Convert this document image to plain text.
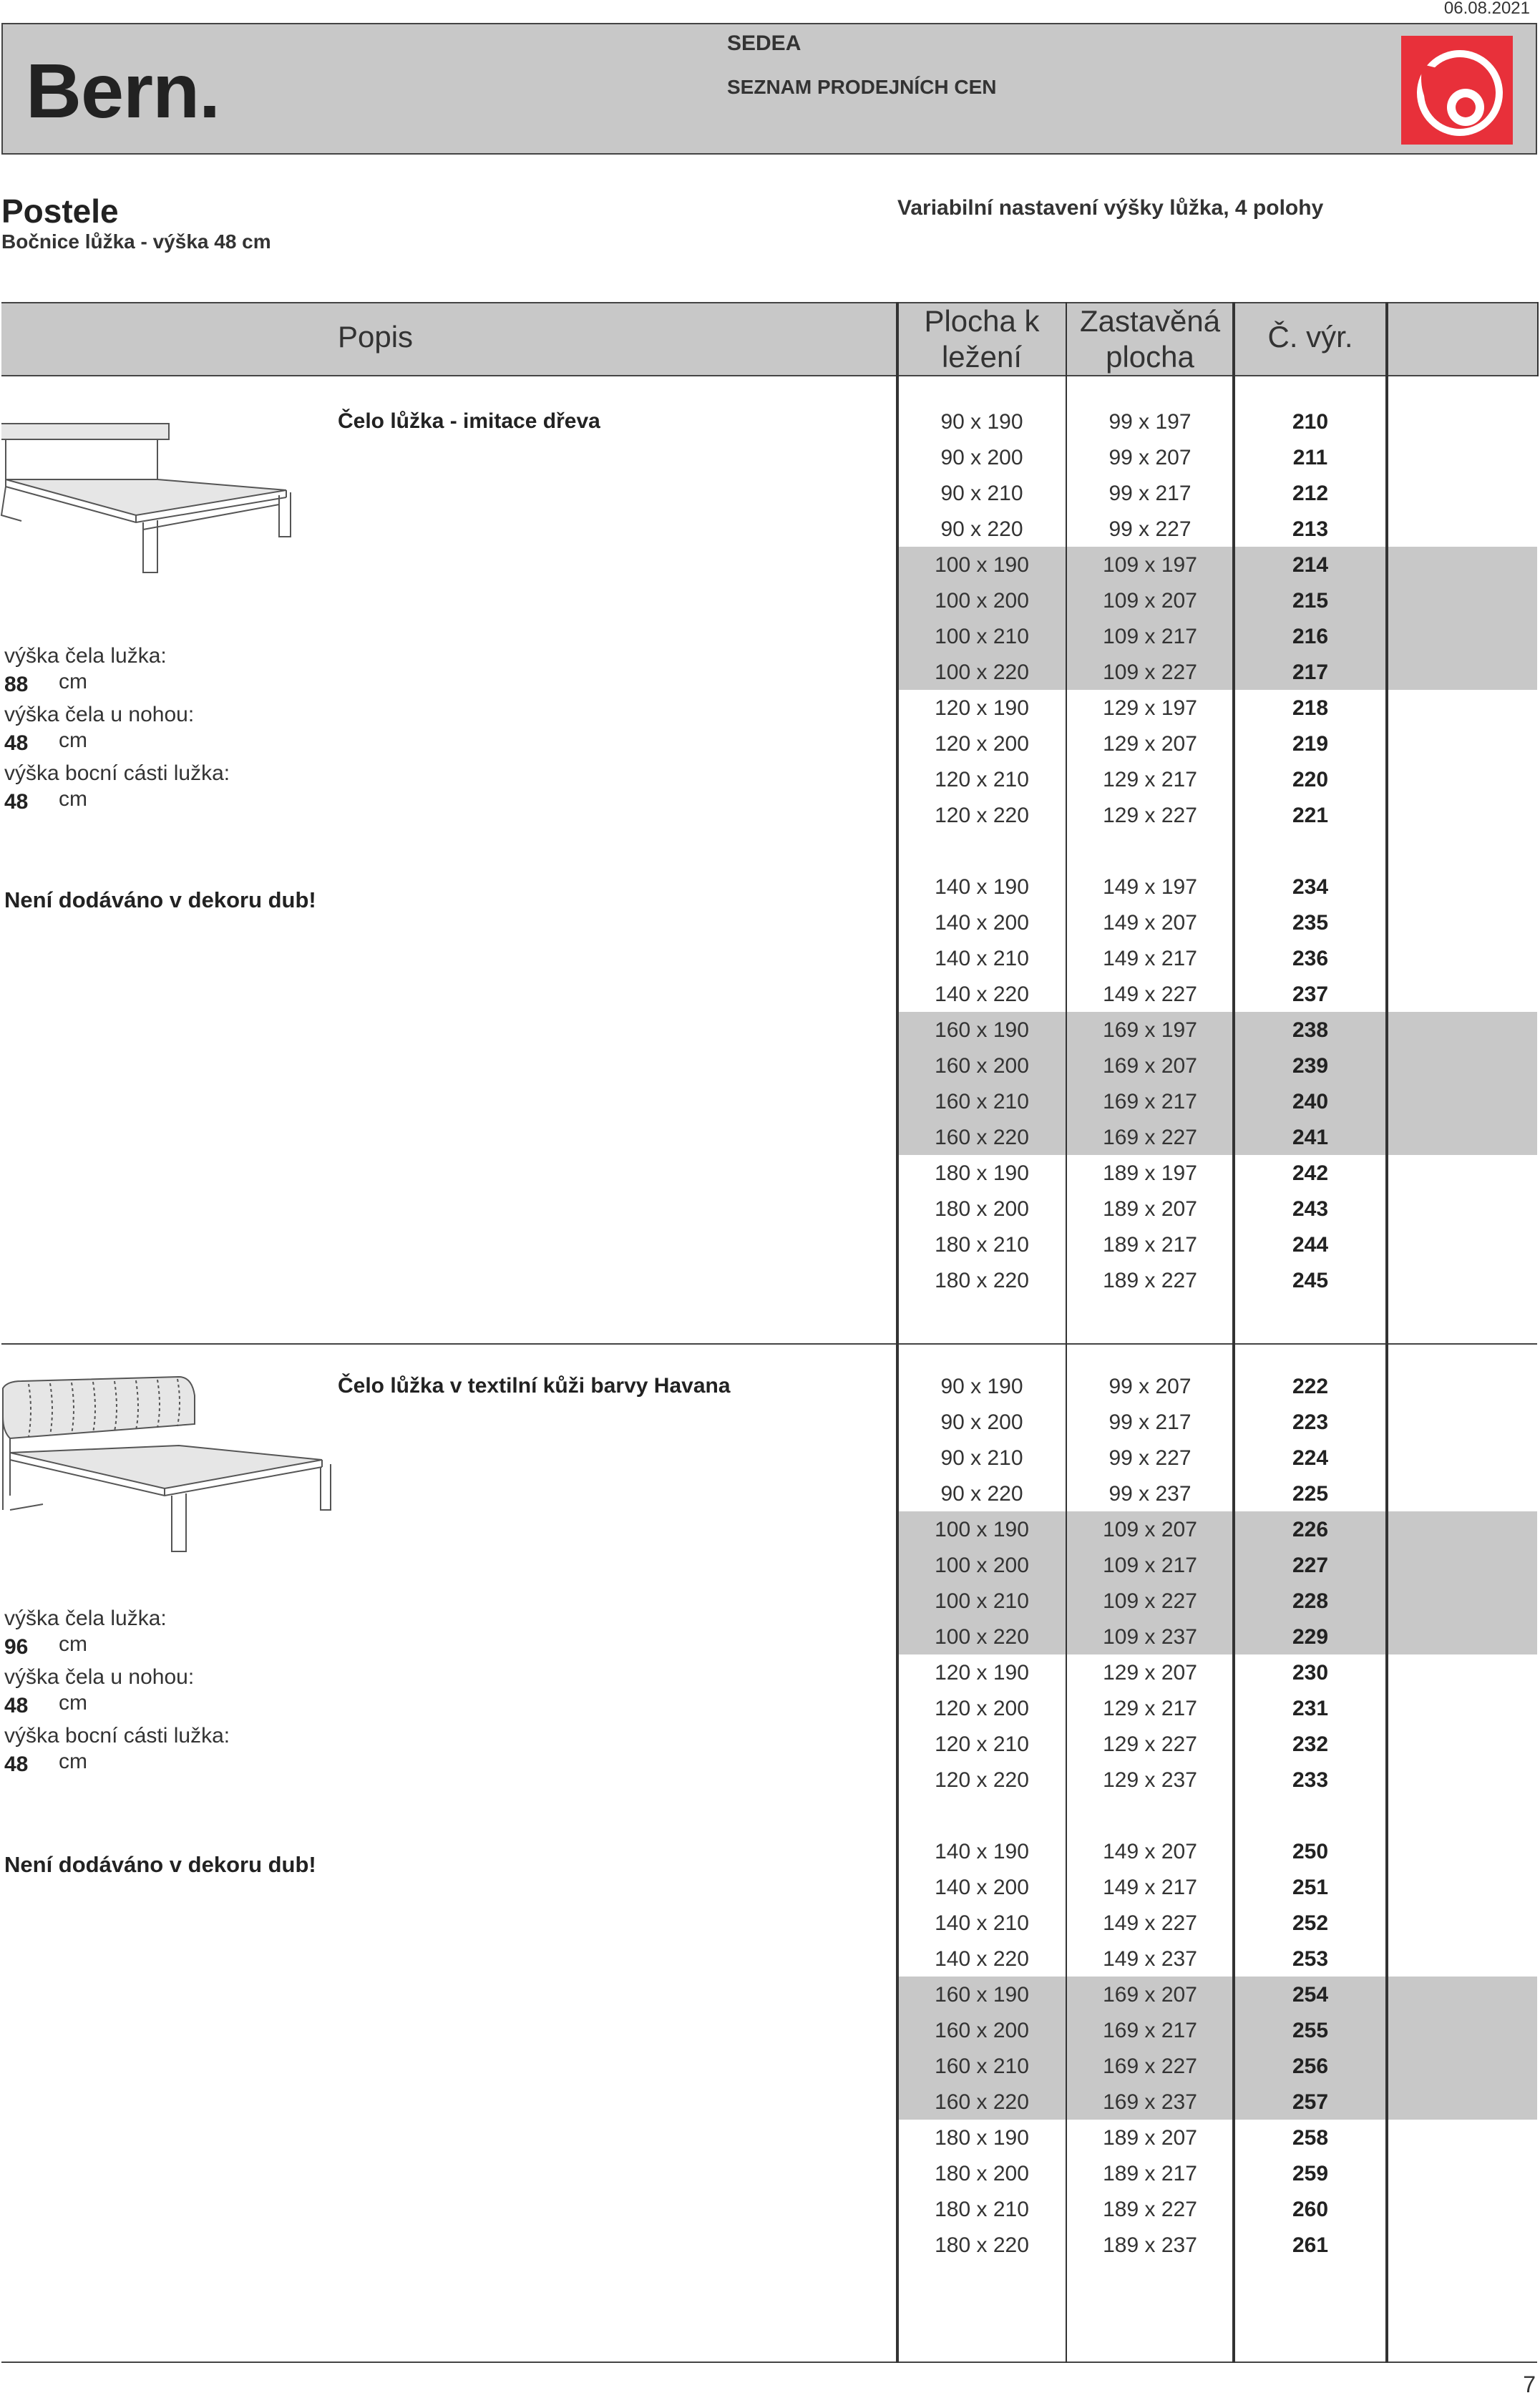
06.08.2021
Bern.
SEDEA
SEZNAM PRODEJNÍCH CEN
Postele
Bočnice lůžka - výška 48 cm
Variabilní nastavení výšky lůžka, 4 polohy
Popis	Plocha k
ležení
Zastavěná
plocha
Č. výr.
Čelo lůžka - imitace dřeva
výška čela lužka:
88 cm
výška čela u nohou:
48 cm
výška bocní cásti lužka:
48 cm
Není dodáváno v dekoru dub!
90 x 190	99 x 197	210
90 x 200	99 x 207	211
90 x 210	99 x 217	212
90 x 220	99 x 227	213
100 x 190	109 x 197	214
100 x 200	109 x 207	215
100 x 210	109 x 217	216
100 x 220	109 x 227	217
120 x 190	129 x 197	218
120 x 200	129 x 207	219
120 x 210	129 x 217	220
120 x 220	129 x 227	221
140 x 190	149 x 197	234
140 x 200	149 x 207	235
140 x 210	149 x 217	236
140 x 220	149 x 227	237
160 x 190	169 x 197	238
160 x 200	169 x 207	239
160 x 210	169 x 217	240
160 x 220	169 x 227	241
180 x 190	189 x 197	242
180 x 200	189 x 207	243
180 x 210	189 x 217	244
180 x 220	189 x 227	245
Čelo lůžka v textilní kůži barvy Havana
výška čela lužka:
96 cm
výška čela u nohou:
48 cm
výška bocní cásti lužka:
48 cm
Není dodáváno v dekoru dub!
90 x 190	99 x 207	222
90 x 200	99 x 217	223
90 x 210	99 x 227	224
90 x 220	99 x 237	225
100 x 190	109 x 207	226
100 x 200	109 x 217	227
100 x 210	109 x 227	228
100 x 220	109 x 237	229
120 x 190	129 x 207	230
120 x 200	129 x 217	231
120 x 210	129 x 227	232
120 x 220	129 x 237	233
140 x 190	149 x 207	250
140 x 200	149 x 217	251
140 x 210	149 x 227	252
140 x 220	149 x 237	253
160 x 190	169 x 207	254
160 x 200	169 x 217	255
160 x 210	169 x 227	256
160 x 220	169 x 237	257
180 x 190	189 x 207	258
180 x 200	189 x 217	259
180 x 210	189 x 227	260
180 x 220	189 x 237	261
7
